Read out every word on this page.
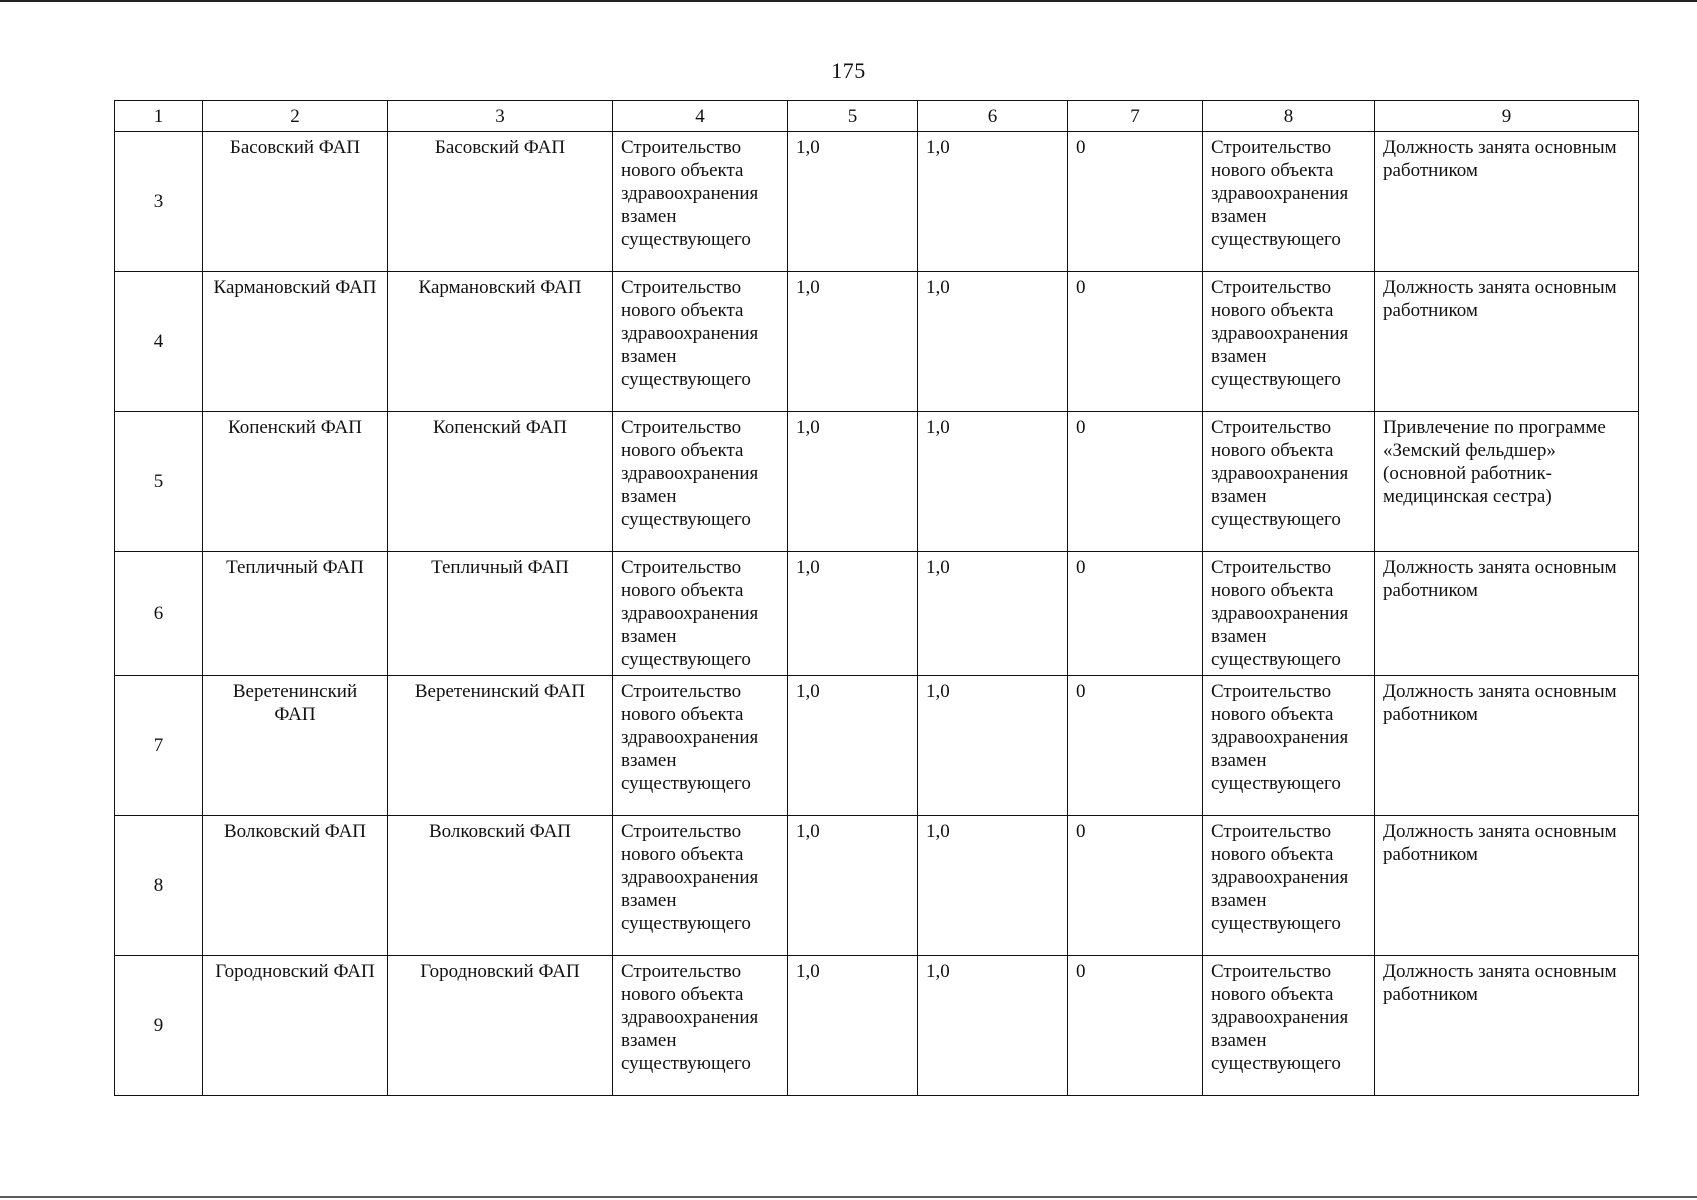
175
1	2	3	4	5	6	7	8	9
3	Басовский ФАП	Басовский ФАП	Строительство нового объекта здравоохранения взамен существующего	1,0	1,0	0	Строительство нового объекта здравоохранения взамен существующего	Должность занята основным работником
4	Кармановский ФАП	Кармановский ФАП	Строительство нового объекта здравоохранения взамен существующего	1,0	1,0	0	Строительство нового объекта здравоохранения взамен существующего	Должность занята основным работником
5	Копенский ФАП	Копенский ФАП	Строительство нового объекта здравоохранения взамен существующего	1,0	1,0	0	Строительство нового объекта здравоохранения взамен существующего	Привлечение по программе «Земский фельдшер» (основной работник- медицинская сестра)
6	Тепличный ФАП	Тепличный ФАП	Строительство нового объекта здравоохранения взамен существующего	1,0	1,0	0	Строительство нового объекта здравоохранения взамен существующего	Должность занята основным работником
7	Веретенинский ФАП	Веретенинский ФАП	Строительство нового объекта здравоохранения взамен существующего	1,0	1,0	0	Строительство нового объекта здравоохранения взамен существующего	Должность занята основным работником
8	Волковский ФАП	Волковский ФАП	Строительство нового объекта здравоохранения взамен существующего	1,0	1,0	0	Строительство нового объекта здравоохранения взамен существующего	Должность занята основным работником
9	Городновский ФАП	Городновский ФАП	Строительство нового объекта здравоохранения взамен существующего	1,0	1,0	0	Строительство нового объекта здравоохранения взамен существующего	Должность занята основным работником
